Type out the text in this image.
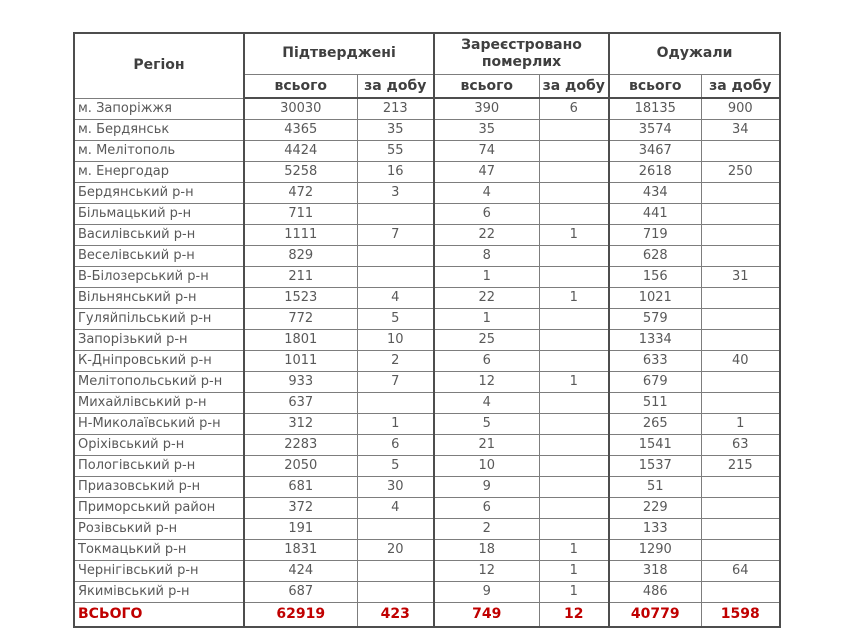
Регіон	Підтверджені		Зареєстровано померлих		Одужали	
	всього	за добу	всього	за добу	всього	за добу
м. Запоріжжя	30030	213	390	6	18135	900
м. Бердянськ	4365	35	35		3574	34
м. Мелітополь	4424	55	74		3467	
м. Енергодар	5258	16	47		2618	250
Бердянський р-н	472	3	4		434	
Більмацький р-н	711		6		441	
Василівський р-н	1111	7	22	1	719	
Веселівський р-н	829		8		628	
В-Білозерський р-н	211		1		156	31
Вільнянський р-н	1523	4	22	1	1021	
Гуляйпільський р-н	772	5	1		579	
Запорізький р-н	1801	10	25		1334	
К-Дніпровський р-н	1011	2	6		633	40
Мелітопольський р-н	933	7	12	1	679	
Михайлівський р-н	637		4		511	
Н-Миколаївський р-н	312	1	5		265	1
Оріхівський р-н	2283	6	21		1541	63
Пологівський р-н	2050	5	10		1537	215
Приазовський р-н	681	30	9		51	
Приморський район	372	4	6		229	
Розівський р-н	191		2		133	
Токмацький р-н	1831	20	18	1	1290	
Чернігівський р-н	424		12	1	318	64
Якимівський р-н	687		9	1	486	
ВСЬОГО	62919	423	749	12	40779	1598
